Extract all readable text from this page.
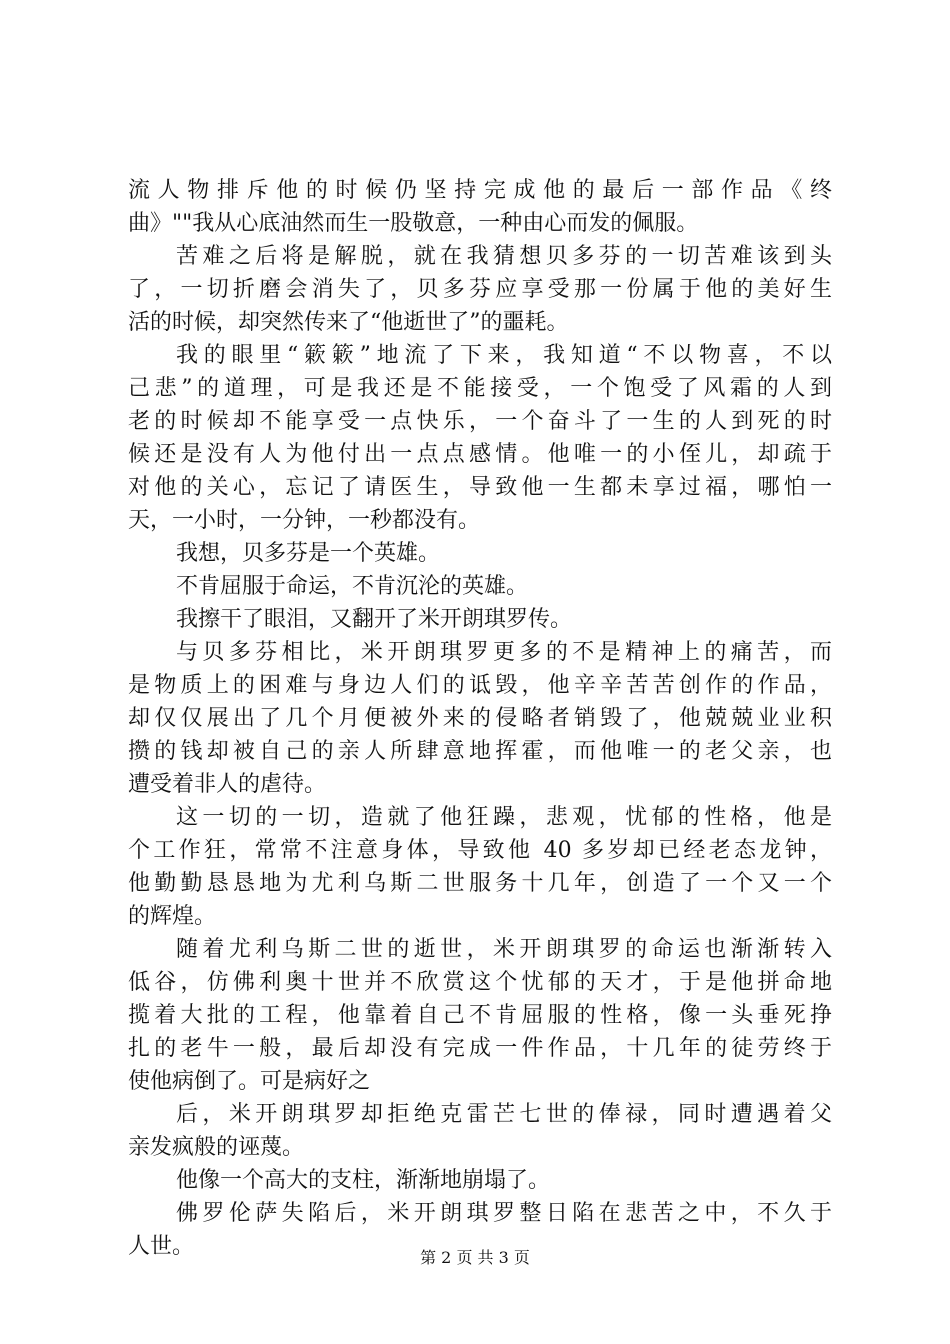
流人物排斥他的时候仍坚持完成他的最后一部作品《终
曲》""我从心底油然而生一股敬意，一种由心而发的佩服。
苦难之后将是解脱，就在我猜想贝多芬的一切苦难该到头
了，一切折磨会消失了，贝多芬应享受那一份属于他的美好生
活的时候，却突然传来了“他逝世了”的噩耗。
我的眼里“簌簌”地流了下来，我知道“不以物喜，不以
己悲”的道理，可是我还是不能接受，一个饱受了风霜的人到
老的时候却不能享受一点快乐，一个奋斗了一生的人到死的时
候还是没有人为他付出一点点感情。他唯一的小侄儿，却疏于
对他的关心，忘记了请医生，导致他一生都未享过福，哪怕一
天，一小时，一分钟，一秒都没有。
我想，贝多芬是一个英雄。
不肯屈服于命运，不肯沉沦的英雄。
我擦干了眼泪，又翻开了米开朗琪罗传。
与贝多芬相比，米开朗琪罗更多的不是精神上的痛苦，而
是物质上的困难与身边人们的诋毁，他辛辛苦苦创作的作品，
却仅仅展出了几个月便被外来的侵略者销毁了，他兢兢业业积
攒的钱却被自己的亲人所肆意地挥霍，而他唯一的老父亲，也
遭受着非人的虐待。
这一切的一切，造就了他狂躁，悲观，忧郁的性格，他是
个工作狂，常常不注意身体，导致他 40 多岁却已经老态龙钟，
他勤勤恳恳地为尤利乌斯二世服务十几年，创造了一个又一个
的辉煌。
随着尤利乌斯二世的逝世，米开朗琪罗的命运也渐渐转入
低谷，仿佛利奥十世并不欣赏这个忧郁的天才，于是他拼命地
揽着大批的工程，他靠着自己不肯屈服的性格，像一头垂死挣
扎的老牛一般，最后却没有完成一件作品，十几年的徒劳终于
使他病倒了。可是病好之
后，米开朗琪罗却拒绝克雷芒七世的俸禄，同时遭遇着父
亲发疯般的诬蔑。
他像一个高大的支柱，渐渐地崩塌了。
佛罗伦萨失陷后，米开朗琪罗整日陷在悲苦之中，不久于
人世。	第 2 页 共 3 页
